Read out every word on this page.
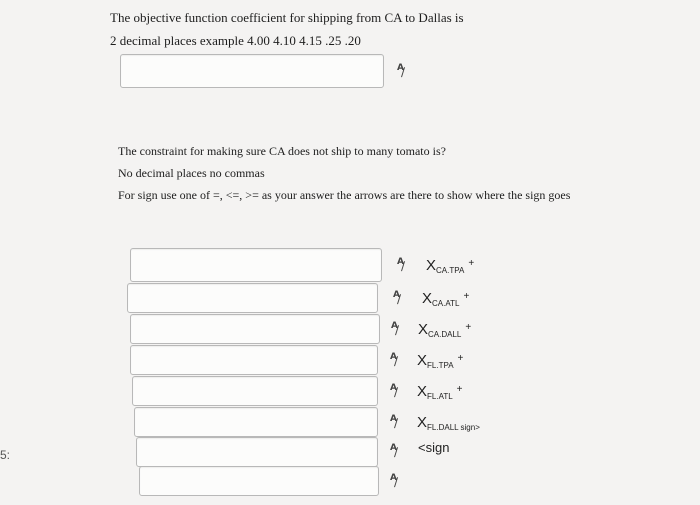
The objective function coefficient for shipping from CA to Dallas is
2 decimal places example 4.00 4.10 4.15 .25 .20
A ∕
The constraint for making sure CA does not ship to many tomato is?
No decimal places no commas
For sign use one of =, <=, >= as your answer the arrows are there to show where the sign goes
A ∕
$X_{CA.TPA}^+$
A ∕
$X_{CA.ATL}^+$
A ∕
$X_{CA.DALL}^+$
A ∕
$X_{FL.TPA}^+$
A ∕
$X_{FL.ATL}^+$
A ∕
$X_{FL.DALL sign>}$
A ∕
<sign
A ∕
5:
